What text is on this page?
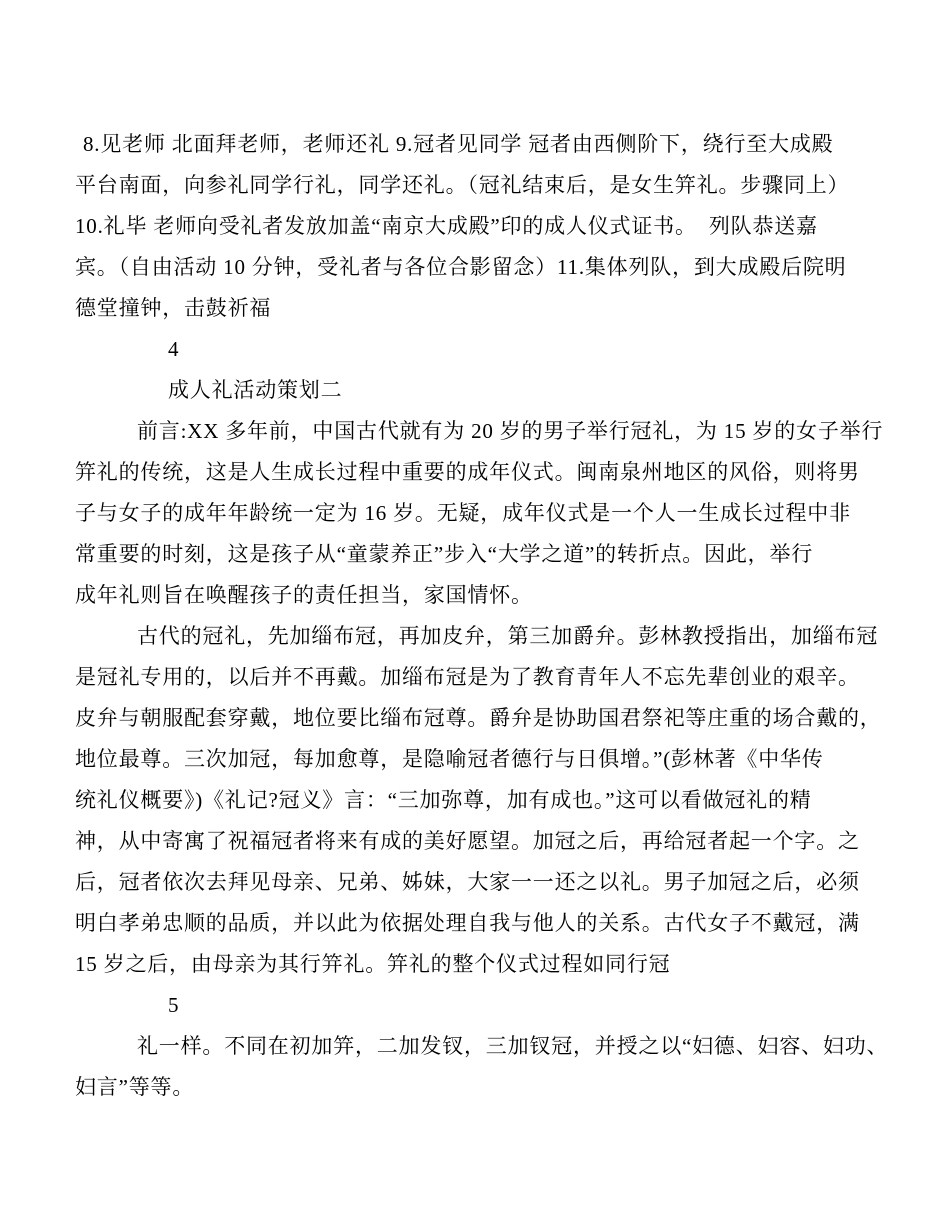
8.见老师 北面拜老师，老师还礼 9.冠者见同学 冠者由西侧阶下，绕行至大成殿
平台南面，向参礼同学行礼，同学还礼。（冠礼结束后，是女生笄礼。步骤同上）
10.礼毕 老师向受礼者发放加盖“南京大成殿”印的成人仪式证书。  列队恭送嘉
宾。（自由活动 10 分钟，受礼者与各位合影留念）11.集体列队，到大成殿后院明
德堂撞钟，击鼓祈福
4
成人礼活动策划二
前言:XX 多年前，中国古代就有为 20 岁的男子举行冠礼，为 15 岁的女子举行
笄礼的传统，这是人生成长过程中重要的成年仪式。闽南泉州地区的风俗，则将男
子与女子的成年年龄统一定为 16 岁。无疑，成年仪式是一个人一生成长过程中非
常重要的时刻，这是孩子从“童蒙养正”步入“大学之道”的转折点。因此，举行
成年礼则旨在唤醒孩子的责任担当，家国情怀。
古代的冠礼，先加缁布冠，再加皮弁，第三加爵弁。彭林教授指出，加缁布冠
是冠礼专用的，以后并不再戴。加缁布冠是为了教育青年人不忘先辈创业的艰辛。
皮弁与朝服配套穿戴，地位要比缁布冠尊。爵弁是协助国君祭祀等庄重的场合戴的，
地位最尊。三次加冠，每加愈尊，是隐喻冠者德行与日俱增。”(彭林著《中华传
统礼仪概要》)《礼记?冠义》言：“三加弥尊，加有成也。”这可以看做冠礼的精
神，从中寄寓了祝福冠者将来有成的美好愿望。加冠之后，再给冠者起一个字。之
后，冠者依次去拜见母亲、兄弟、姊妹，大家一一还之以礼。男子加冠之后，必须
明白孝弟忠顺的品质，并以此为依据处理自我与他人的关系。古代女子不戴冠，满
15 岁之后，由母亲为其行笄礼。笄礼的整个仪式过程如同行冠
5
礼一样。不同在初加笄，二加发钗，三加钗冠，并授之以“妇德、妇容、妇功、
妇言”等等。
